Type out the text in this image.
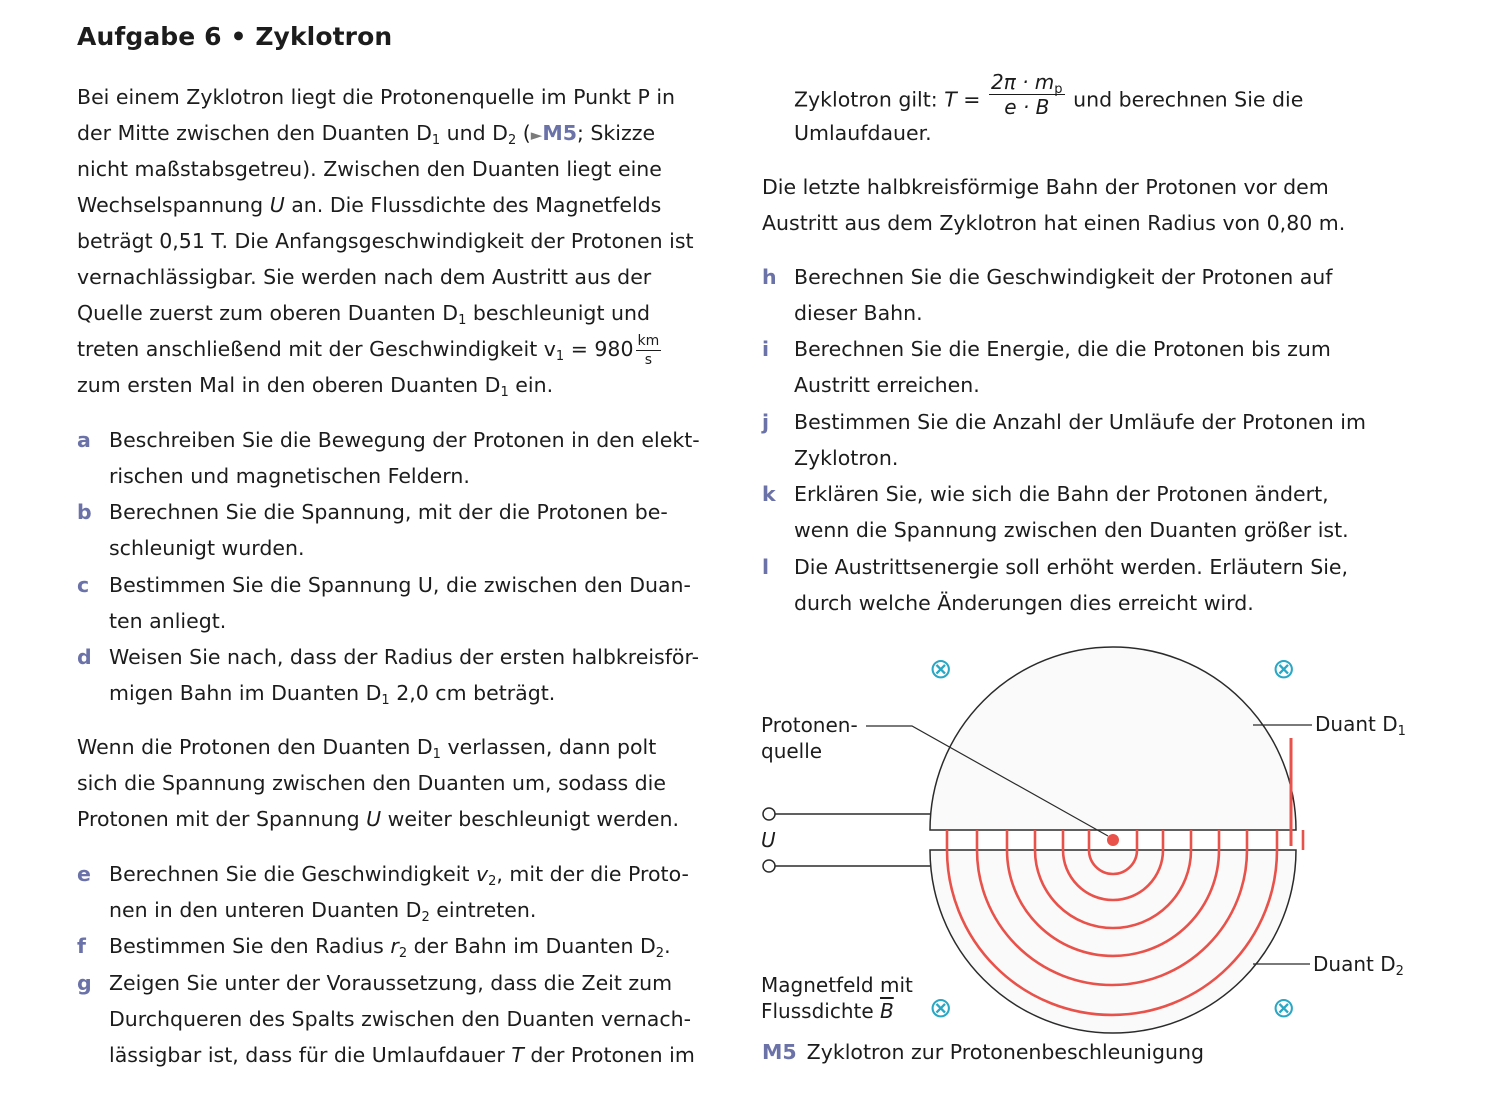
Aufgabe 6 • Zyklotron

Bei einem Zyklotron liegt die Protonenquelle im Punkt P in

der Mitte zwischen den Duanten $D_1$ und $D_2$ (►M5; Skizze

nicht maßstabsgetreu). Zwischen den Duanten liegt eine

Wechselspannung U an. Die Flussdichte des Magnetfelds

beträgt 0,51 T. Die Anfangsgeschwindigkeit der Protonen ist

vernachlässigbar. Sie werden nach dem Austritt aus der

Quelle zuerst zum oberen Duanten $D_1$ beschleunigt und

treten anschließend mit der Geschwindigkeit $v_1 = 980 \frac{km}{s}$

zum ersten Mal in den oberen Duanten $D_1$ ein.

a Beschreiben Sie die Bewegung der Protonen in den elekt-
rischen und magnetischen Feldern.
b Berechnen Sie die Spannung, mit der die Protonen be-
schleunigt wurden.
c Bestimmen Sie die Spannung U, die zwischen den Duan-
ten anliegt.
d Weisen Sie nach, dass der Radius der ersten halbkreisför-
migen Bahn im Duanten $D_1$ 2,0 cm beträgt.

Wenn die Protonen den Duanten $D_1$ verlassen, dann polt

sich die Spannung zwischen den Duanten um, sodass die

Protonen mit der Spannung U weiter beschleunigt werden.

e Berechnen Sie die Geschwindigkeit $v_2$, mit der die Proto-
nen in den unteren Duanten $D_2$ eintreten.
f	Bestimmen Sie den Radius $r_2$ der Bahn im Duanten $D_2$.
g Zeigen Sie unter der Voraussetzung, dass die Zeit zum
Durchqueren des Spalts zwischen den Duanten vernach-
lässigbar ist, dass für die Umlaufdauer T der Protonen im

Zyklotron gilt: $T = \frac{2\pi \cdot m_p}{e \cdot B}$ und berechnen Sie die

Umlaufdauer.

Die letzte halbkreisförmige Bahn der Protonen vor dem

Austritt aus dem Zyklotron hat einen Radius von 0,80 m.

h Berechnen Sie die Geschwindigkeit der Protonen auf
dieser Bahn.
i	Berechnen Sie die Energie, die die Protonen bis zum
Austritt erreichen.
j	Bestimmen Sie die Anzahl der Umläufe der Protonen im
Zyklotron.
k Erklären Sie, wie sich die Bahn der Protonen ändert,
wenn die Spannung zwischen den Duanten größer ist.
l	Die Austrittsenergie soll erhöht werden. Erläutern Sie,
durch welche Änderungen dies erreicht wird.
Protonen-
quelle
U
Duant $D_1$
Duant $D_2$
Magnetfeld mit
Flussdichte $\overline{B}$
⊗	⊗
⊗	⊗
M5 Zyklotron zur Protonenbeschleunigung
